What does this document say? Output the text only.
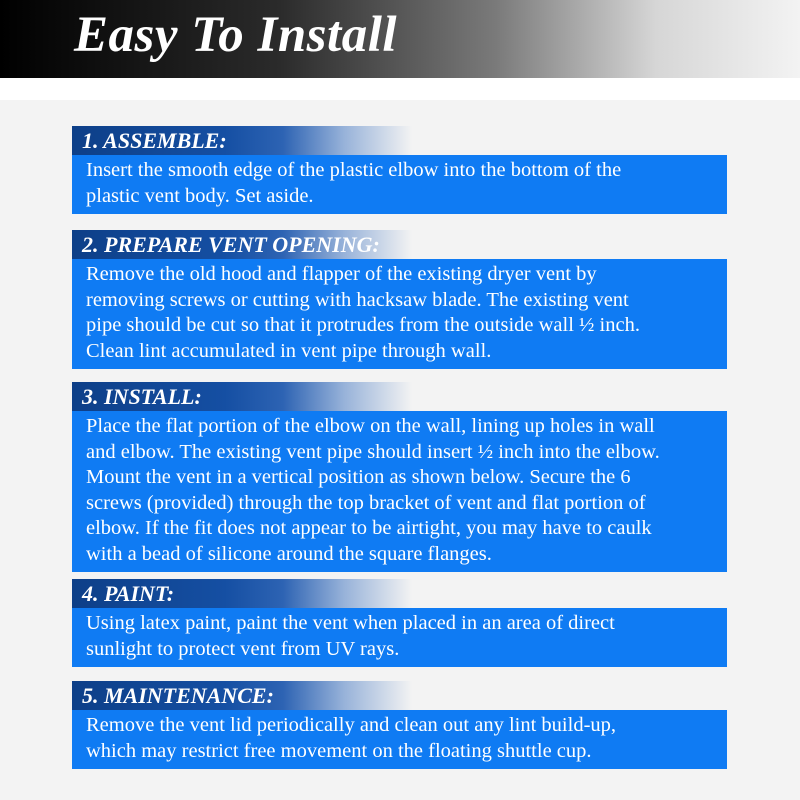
Easy To Install
1. ASSEMBLE:

Insert the smooth edge of the plastic elbow into the bottom of the

plastic vent body. Set aside.

2. PREPARE VENT OPENING:

Remove the old hood and flapper of the existing dryer vent by

removing screws or cutting with hacksaw blade. The existing vent

pipe should be cut so that it protrudes from the outside wall ½ inch.

Clean lint accumulated in vent pipe through wall.

3. INSTALL:

Place the flat portion of the elbow on the wall, lining up holes in wall

and elbow. The existing vent pipe should insert ½ inch into the elbow.

Mount the vent in a vertical position as shown below. Secure the 6

screws (provided) through the top bracket of vent and flat portion of

elbow. If the fit does not appear to be airtight, you may have to caulk

with a bead of silicone around the square flanges.

4. PAINT:

Using latex paint, paint the vent when placed in an area of direct

sunlight to protect vent from UV rays.

5. MAINTENANCE:

Remove the vent lid periodically and clean out any lint build-up,

which may restrict free movement on the floating shuttle cup.
